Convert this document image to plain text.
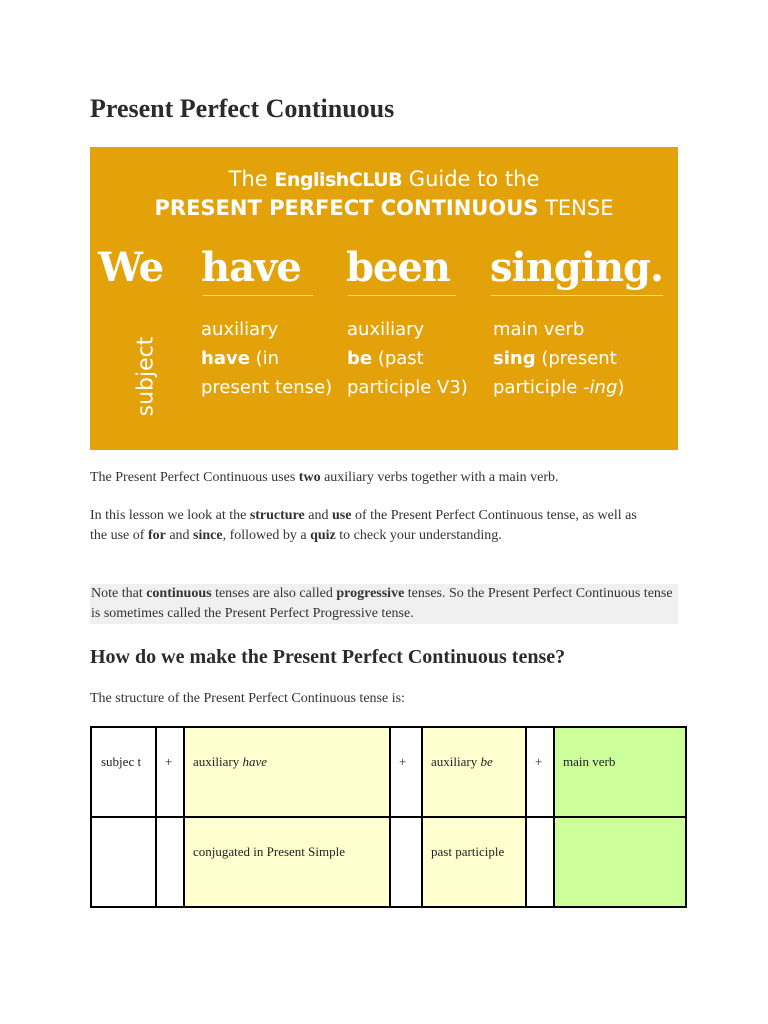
Present Perfect Continuous
The EnglishCLUB Guide to the
PRESENT PERFECT CONTINUOUS TENSE
We have been singing.
subject
auxiliary
have (in
present tense)
auxiliary
be (past
participle V3)
main verb
sing (present
participle -ing)

The Present Perfect Continuous uses two auxiliary verbs together with a main verb.

In this lesson we look at the structure and use of the Present Perfect Continuous tense, as well as the use of for and since, followed by a quiz to check your understanding.

Note that continuous tenses are also called progressive tenses. So the Present Perfect Continuous tense is sometimes called the Present Perfect Progressive tense.

How do we make the Present Perfect Continuous tense?

The structure of the Present Perfect Continuous tense is:

subjec t	+	auxiliary have	+	auxiliary be	+	main verb
		conjugated in Present Simple		past participle		
